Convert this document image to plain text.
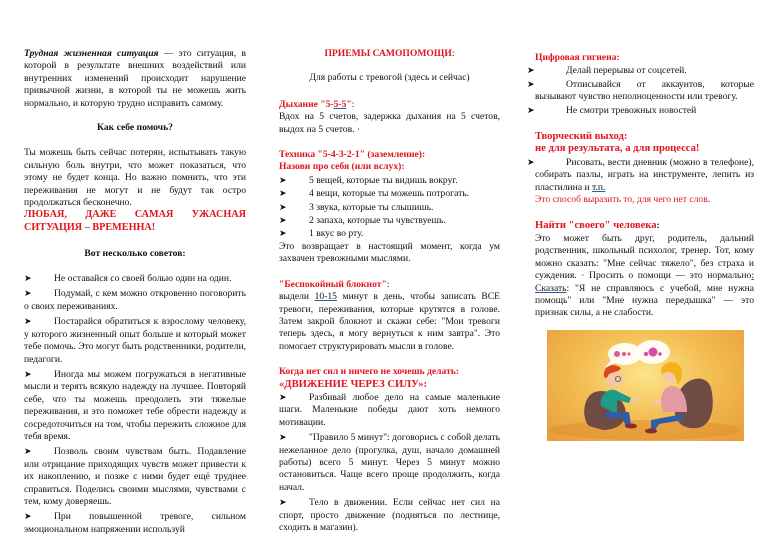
Трудная жизненная ситуация — это ситуация, в которой в результате внешних воздействий или внутренних изменений происходит нарушение привычной жизни, в которой ты не можешь жить нормально, и которую трудно исправить самому.

Как себе помочь?

Ты можешь быть сейчас потерян, испытывать такую сильную боль внутри, что может показаться, что этому не будет конца. Но важно помнить, что эти переживания не могут и не будут так остро продолжаться бесконечно.

ЛЮБАЯ, ДАЖЕ САМАЯ УЖАСНАЯ СИТУАЦИЯ – ВРЕМЕННА!

Вот несколько советов:

➤ Не оставайся со своей болью один на один.

➤ Подумай, с кем можно откровенно поговорить о своих переживаниях.

➤ Постарайся обратиться к взрослому человеку, у которого жизненный опыт больше и который может тебе помочь. Это могут быть родственники, родители, педагоги.

➤ Иногда мы можем погружаться в негативные мысли и терять всякую надежду на лучшее. Повторяй себе, что ты можешь преодолеть эти тяжелые переживания, и это поможет тебе обрести надежду и сосредоточиться на том, чтобы пережить сложное для тебя время.

➤ Позволь своим чувствам быть. Подавление или отрицание приходящих чувств может привести к их накоплению, и позже с ними будет ещё труднее справиться. Поделись своими мыслями, чувствами с тем, кому доверяешь.

➤ При повышенной тревоге, сильном эмоциональном напряжении используй

ПРИЕМЫ САМОПОМОЩИ:

Для работы с тревогой (здесь и сейчас)

Дыхание "5-5-5":

Вдох на 5 счетов, задержка дыхания на 5 счетов, выдох на 5 счетов. ·

Техника "5-4-3-2-1" (заземление):

Назови про себя (или вслух):

➤ 5 вещей, которые ты видишь вокруг.

➤ 4 вещи, которые ты можешь потрогать.

➤ 3 звука, которые ты слышишь.

➤ 2 запаха, которые ты чувствуешь.

➤ 1 вкус во рту.

Это возвращает в настоящий момент, когда ум захвачен тревожными мыслями.

"Беспокойный блокнот":

выдели 10-15 минут в день, чтобы записать ВСЕ тревоги, переживания, которые крутятся в голове. Затем закрой блокнот и скажи себе: "Мои тревоги теперь здесь, я могу вернуться к ним завтра". Это помогает структурировать мысли в голове.

Когда нет сил и ничего не хочешь делать:

«ДВИЖЕНИЕ ЧЕРЕЗ СИЛУ»:

➤ Разбивай любое дело на самые маленькие шаги. Маленькие победы дают хоть немного мотивации.

➤ "Правило 5 минут": договорись с собой делать нежеланное дело (прогулка, душ, начало домашней работы) всего 5 минут. Через 5 минут можно остановиться. Чаще всего проще продолжить, когда начал.

➤ Тело в движении. Если сейчас нет сил на спорт, просто движение (подняться по лестнице, сходить в магазин).

Цифровая гигиена:

➤	Делай перерывы от соцсетей.

➤	Отписывайся от аккаунтов, которые вызывают чувство неполноценности или тревогу.

➤	Не смотри тревожных новостей

Творческий выход:

не для результата, а для процесса!

➤	Рисовать, вести дневник (можно в телефоне), собирать пазлы, играть на инструменте, лепить из пластилина и т.п.

Это способ выразить то, для чего нет слов.

Найти "своего" человека:

Это может быть друг, родитель, дальний родственник, школьный психолог, тренер. Тот, кому можно сказать: "Мне сейчас тяжело", без страха и суждения. · Просить о помощи — это нормально: Сказать: "Я не справляюсь с учебой, мне нужна помощь" или "Мне нужна передышка" — это признак силы, а не слабости.
